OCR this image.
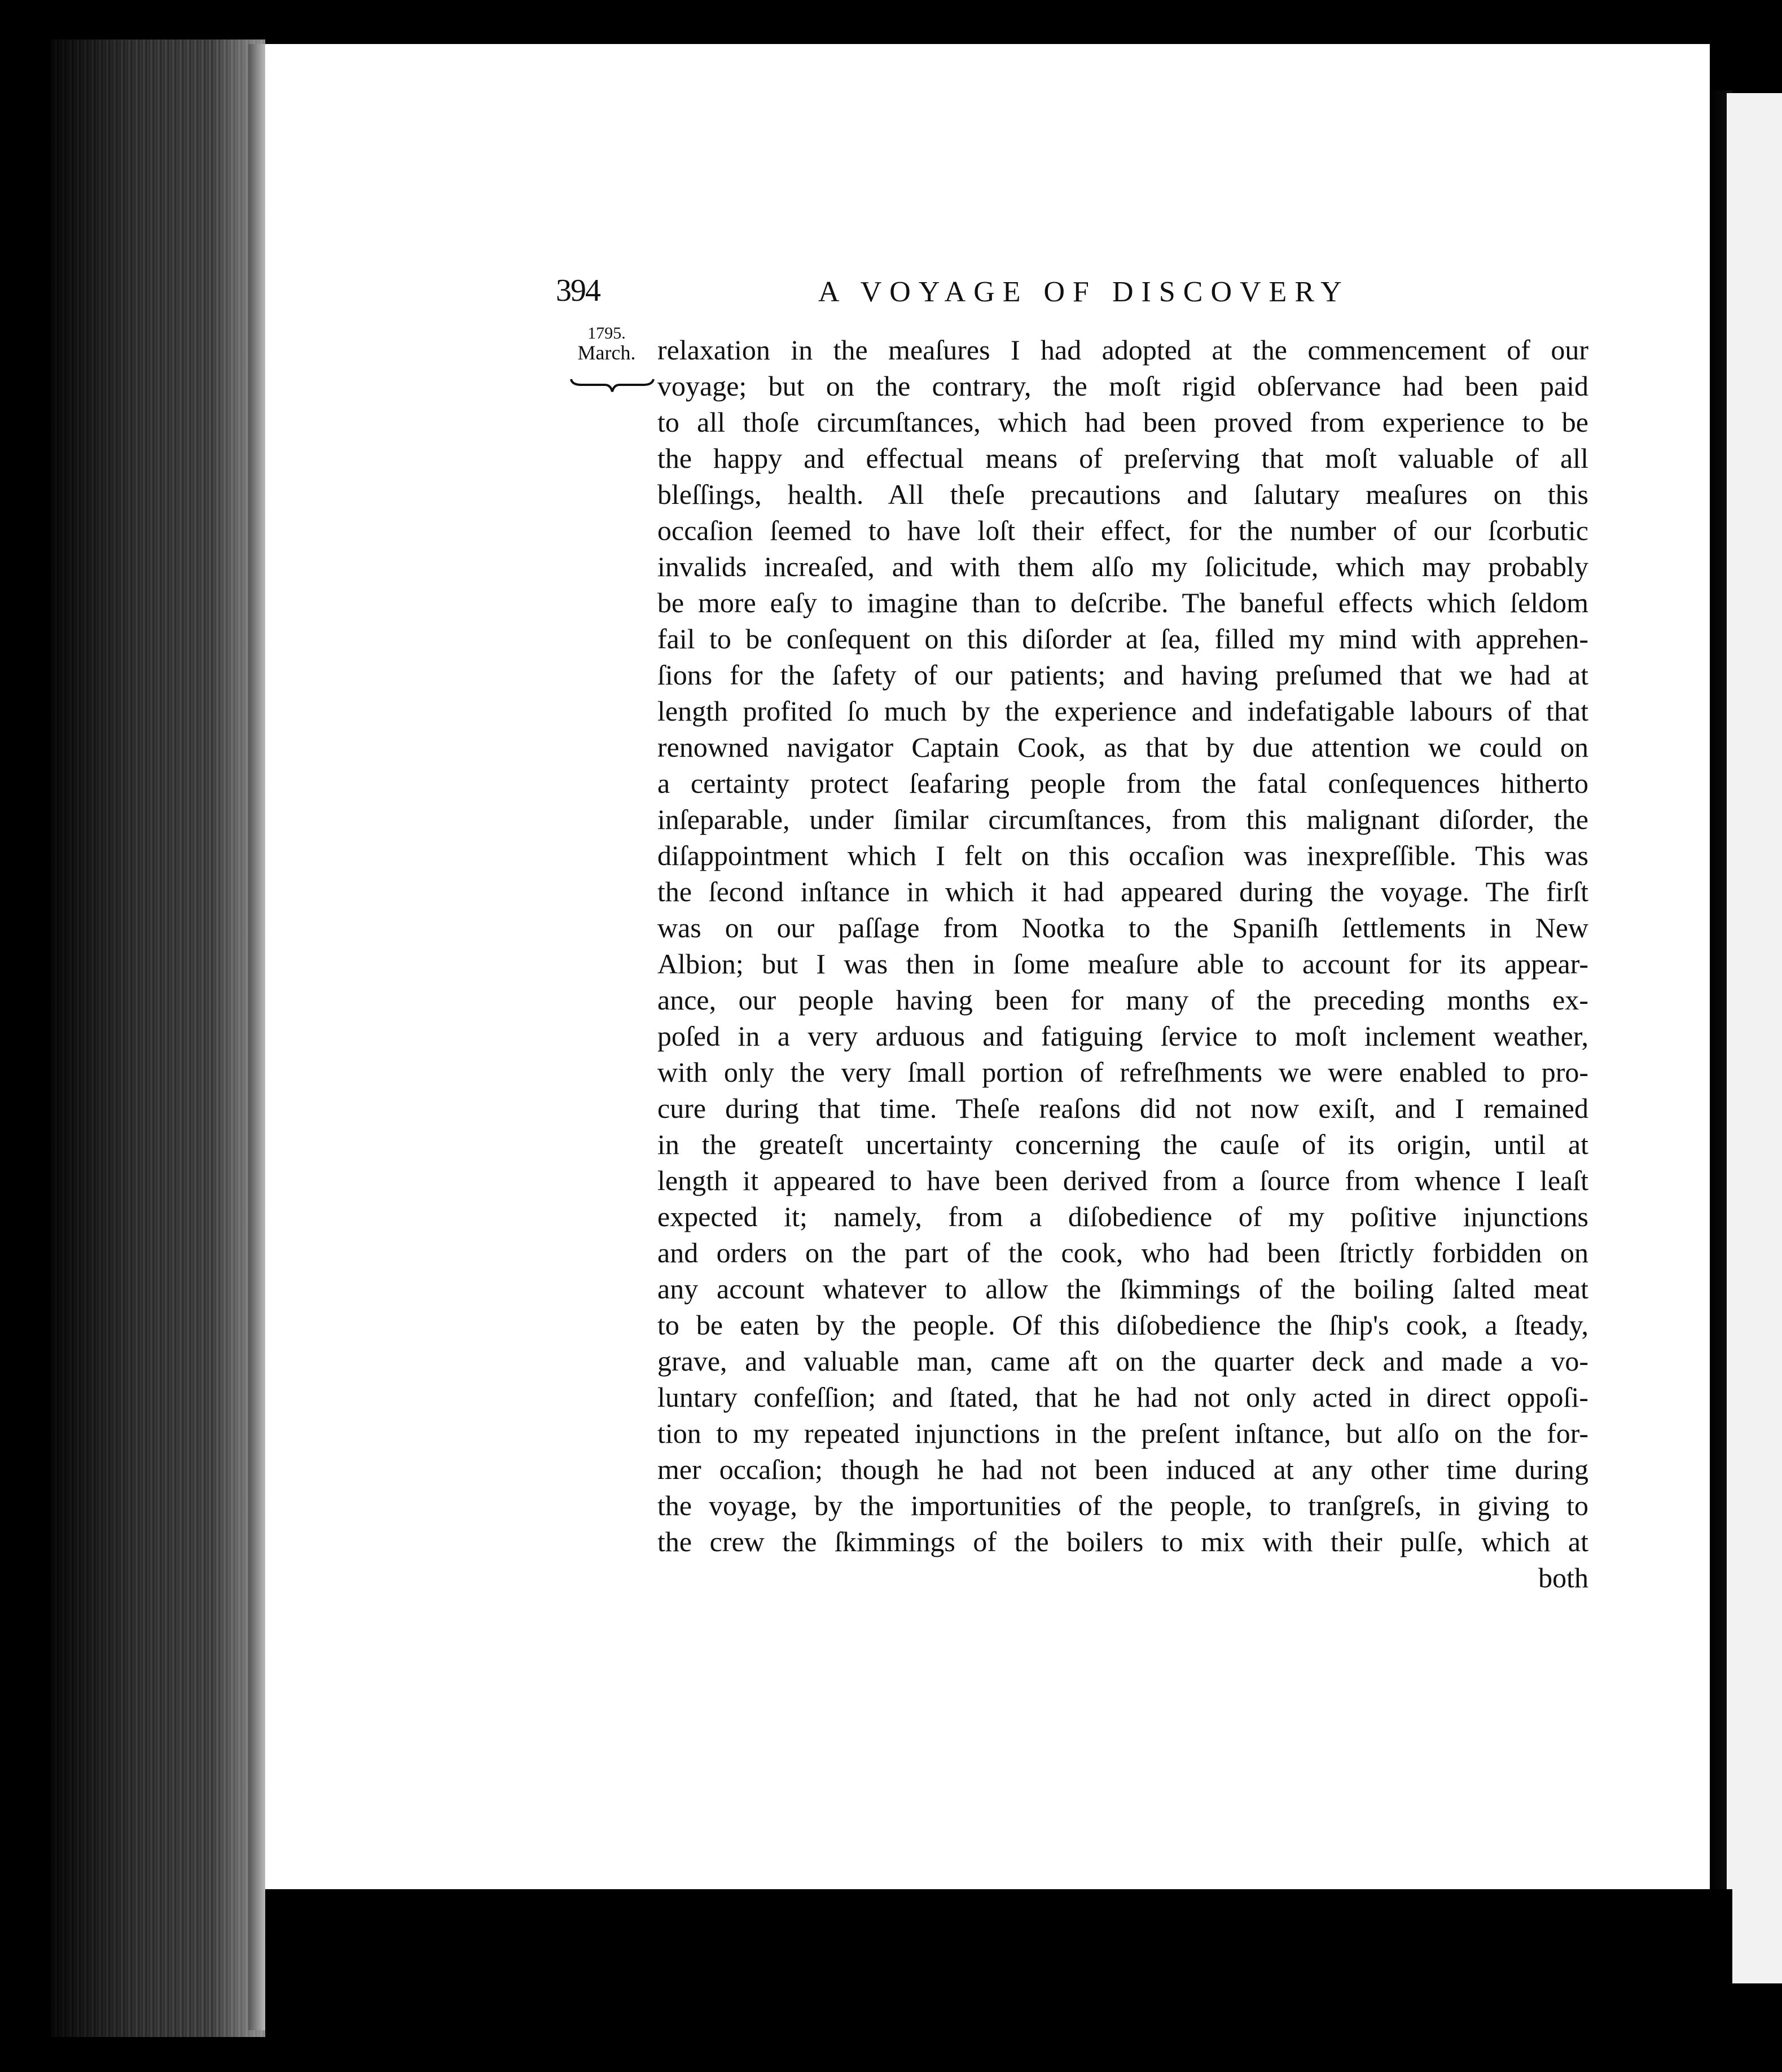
394	A VOYAGE OF DISCOVERY
1795.
March. relaxation in the meaſures I had adopted at the commencement of our
voyage; but on the contrary, the moſt rigid obſervance had been paid
to all thoſe circumſtances, which had been proved from experience to be
the happy and effectual means of preſerving that moſt valuable of all
bleſſings, health. All theſe precautions and ſalutary meaſures on this
occaſion ſeemed to have loſt their effect, for the number of our ſcorbutic
invalids increaſed, and with them alſo my ſolicitude, which may probably
be more eaſy to imagine than to deſcribe. The baneful effects which ſeldom
fail to be conſequent on this diſorder at ſea, filled my mind with apprehen-
ſions for the ſafety of our patients; and having preſumed that we had at
length profited ſo much by the experience and indefatigable labours of that
renowned navigator Captain Cook, as that by due attention we could on
a certainty protect ſeafaring people from the fatal conſequences hitherto
inſeparable, under ſimilar circumſtances, from this malignant diſorder, the
diſappointment which I felt on this occaſion was inexpreſſible. This was
the ſecond inſtance in which it had appeared during the voyage. The firſt
was on our paſſage from Nootka to the Spaniſh ſettlements in New
Albion; but I was then in ſome meaſure able to account for its appear-
ance, our people having been for many of the preceding months ex-
poſed in a very arduous and fatiguing ſervice to moſt inclement weather,
with only the very ſmall portion of refreſhments we were enabled to pro-
cure during that time. Theſe reaſons did not now exiſt, and I remained
in the greateſt uncertainty concerning the cauſe of its origin, until at
length it appeared to have been derived from a ſource from whence I leaſt
expected it; namely, from a diſobedience of my poſitive injunctions
and orders on the part of the cook, who had been ſtrictly forbidden on
any account whatever to allow the ſkimmings of the boiling ſalted meat
to be eaten by the people. Of this diſobedience the ſhip's cook, a ſteady,
grave, and valuable man, came aft on the quarter deck and made a vo-
luntary confeſſion; and ſtated, that he had not only acted in direct oppoſi-
tion to my repeated injunctions in the preſent inſtance, but alſo on the for-
mer occaſion; though he had not been induced at any other time during
the voyage, by the importunities of the people, to tranſgreſs, in giving to
the crew the ſkimmings of the boilers to mix with their pulſe, which at
both
